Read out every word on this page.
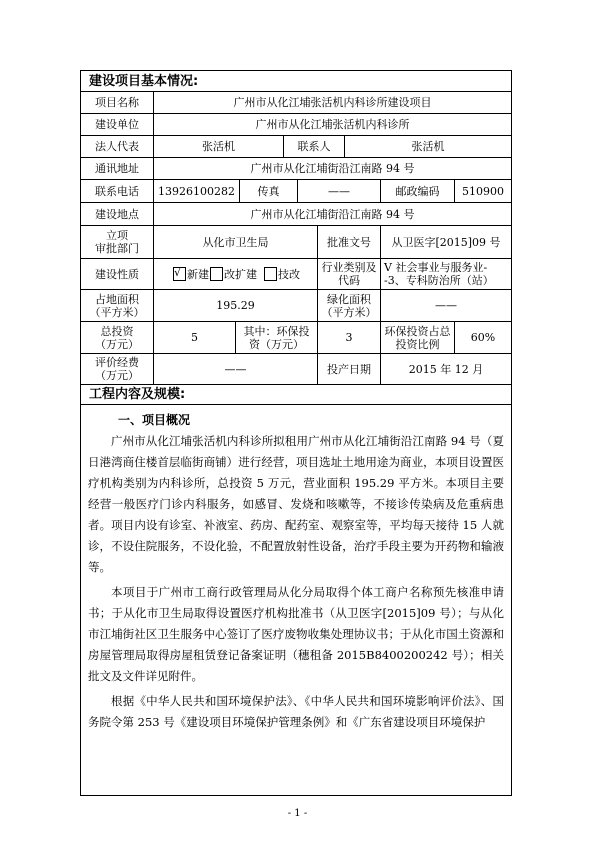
建设项目基本情况:
项目名称	广州市从化江埔张活机内科诊所建设项目
建设单位	广州市从化江埔张活机内科诊所
法人代表	张活机	联系人	张活机
通讯地址	广州市从化江埔街沿江南路 94 号
联系电话	13926100282	传真	——	邮政编码	510900
建设地点	广州市从化江埔街沿江南路 94 号
立项
审批部门	从化市卫生局	批准文号	从卫医字[2015]09 号
建设性质
√	新建 改扩建 技改	行业类别及代码
V 社会事业与服务业--3、专科防治所（站）
占地面积
（平方米）	195.29	绿化面积
（平方米）	——
总投资
（万元）	5	其中：环保投资（万元）	3	环保投资占总投资比例	60%
评价经费
（万元）	——	投产日期	2015 年 12 月
工程内容及规模:
一、项目概况

广州市从化江埔张活机内科诊所拟租用广州市从化江埔街沿江南路 94 号（夏日港湾商住楼首层临街商铺）进行经营，项目选址土地用途为商业，本项目设置医疗机构类别为内科诊所，总投资 5 万元，营业面积 195.29 平方米。本项目主要经营一般医疗门诊内科服务，如感冒、发烧和咳嗽等，不接诊传染病及危重病患者。项目内设有诊室、补液室、药房、配药室、观察室等，平均每天接待 15 人就诊，不设住院服务，不设化验，不配置放射性设备，治疗手段主要为开药物和输液等。

本项目于广州市工商行政管理局从化分局取得个体工商户名称预先核准申请书；于从化市卫生局取得设置医疗机构批准书（从卫医字[2015]09 号）；与从化市江埔街社区卫生服务中心签订了医疗废物收集处理协议书；于从化市国土资源和房屋管理局取得房屋租赁登记备案证明（穗租备 2015B8400200242 号）；相关批文及文件详见附件。

根据《中华人民共和国环境保护法》、《中华人民共和国环境影响评价法》、国务院令第 253 号《建设项目环境保护管理条例》和《广东省建设项目环境保护

- 1 -
